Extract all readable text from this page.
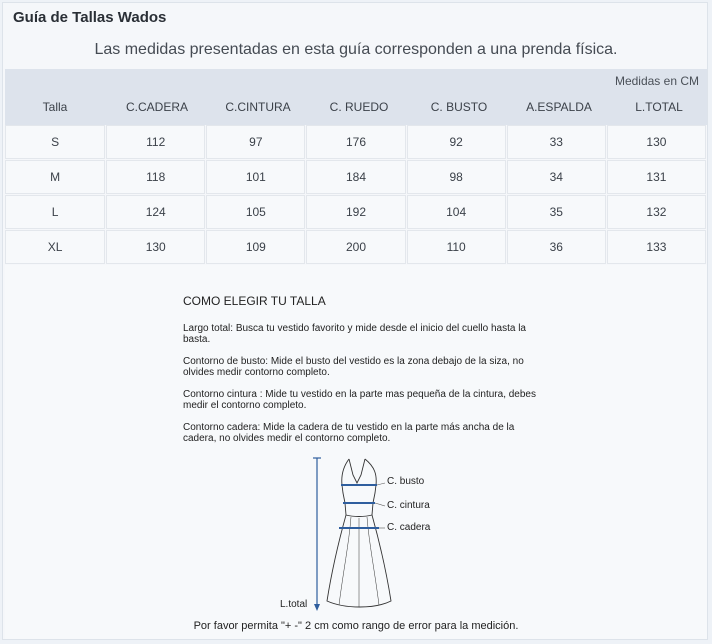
Guía de Tallas Wados
Las medidas presentadas en esta guía corresponden a una prenda física.
Medidas en CM
Talla	C.CADERA	C.CINTURA	C. RUEDO	C. BUSTO	A.ESPALDA	L.TOTAL
S	112	97	176	92	33	130
M	118	101	184	98	34	131
L	124	105	192	104	35	132
XL	130	109	200	110	36	133
COMO ELEGIR TU TALLA
Largo total: Busca tu vestido favorito y mide desde el inicio del cuello hasta la basta.
Contorno de busto: Mide el busto del vestido es la zona debajo de la siza, no olvides medir contorno completo.
Contorno cintura : Mide tu vestido en la parte mas pequeña de la cintura, debes medir el contorno completo.
Contorno cadera: Mide la cadera de tu vestido en la parte más ancha de la cadera, no olvides medir el contorno completo.
C. busto
C. cintura
C. cadera
L.total
Por favor permita "+ -" 2 cm como rango de error para la medición.
